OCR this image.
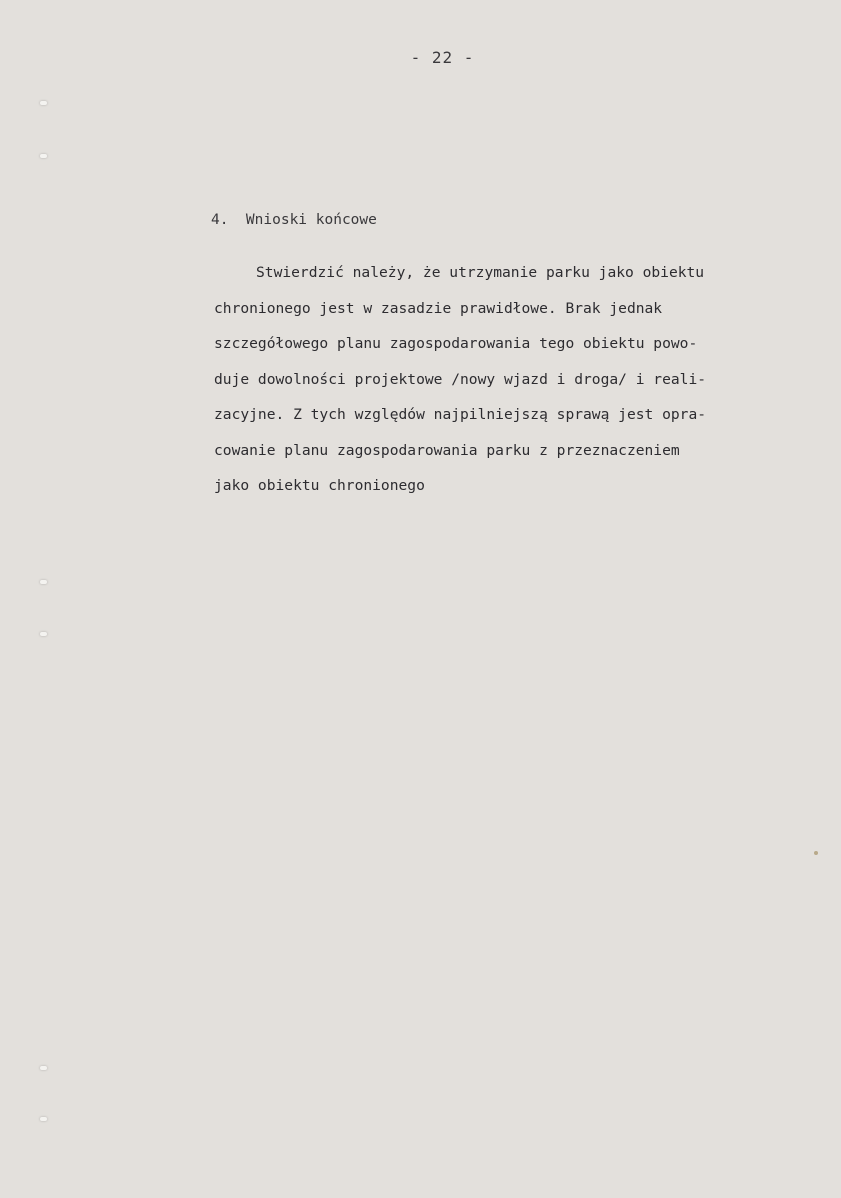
- 22 -
4.  Wnioski końcowe
Stwierdzić należy, że utrzymanie parku jako obiektu
chronionego jest w zasadzie prawidłowe. Brak jednak
szczegółowego planu zagospodarowania tego obiektu powo-
duje dowolności projektowe /nowy wjazd i droga/ i reali-
zacyjne. Z tych względów najpilniejszą sprawą jest opra-
cowanie planu zagospodarowania parku z przeznaczeniem
jako obiektu chronionego
